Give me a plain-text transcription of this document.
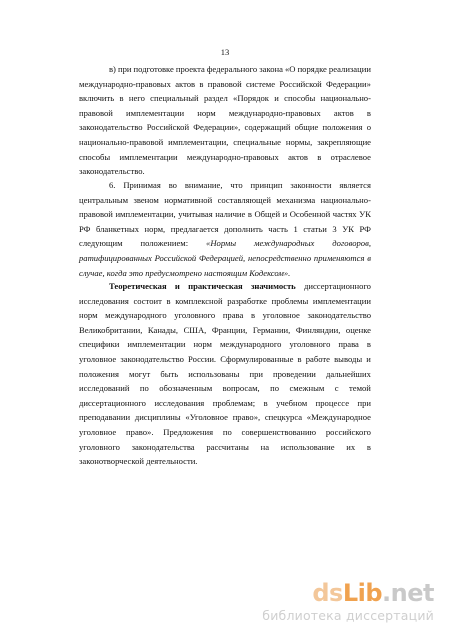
13
в) при подготовке проекта федерального закона «О порядке реализации
международно-правовых актов в правовой системе Российской Федерации»
включить в него специальный раздел «Порядок и способы национально-
правовой имплементации норм международно-правовых актов в
законодательство Российской Федерации», содержащий общие положения о
национально-правовой имплементации, специальные нормы, закрепляющие
способы имплементации международно-правовых актов в отраслевое
законодательство.
6. Принимая во внимание, что принцип законности является
центральным звеном нормативной составляющей механизма национально-
правовой имплементации, учитывая наличие в Общей и Особенной частях УК
РФ бланкетных норм, предлагается дополнить часть 1 статьи 3 УК РФ
следующим положением: «Нормы международных договоров,
ратифицированных Российской Федерацией, непосредственно применяются в
случае, когда это предусмотрено настоящим Кодексом».
Теоретическая и практическая значимость диссертационного
исследования состоит в комплексной разработке проблемы имплементации
норм международного уголовного права в уголовное законодательство
Великобритании, Канады, США, Франции, Германии, Финляндии, оценке
специфики имплементации норм международного уголовного права в
уголовное законодательство России. Сформулированные в работе выводы и
положения могут быть использованы при проведении дальнейших
исследований по обозначенным вопросам, по смежным с темой
диссертационного исследования проблемам; в учебном процессе при
преподавании дисциплины «Уголовное право», спецкурса «Международное
уголовное право». Предложения по совершенствованию российского
уголовного законодательства рассчитаны на использование их в
законотворческой деятельности.
ds Lib .net
библиотека диссертаций
